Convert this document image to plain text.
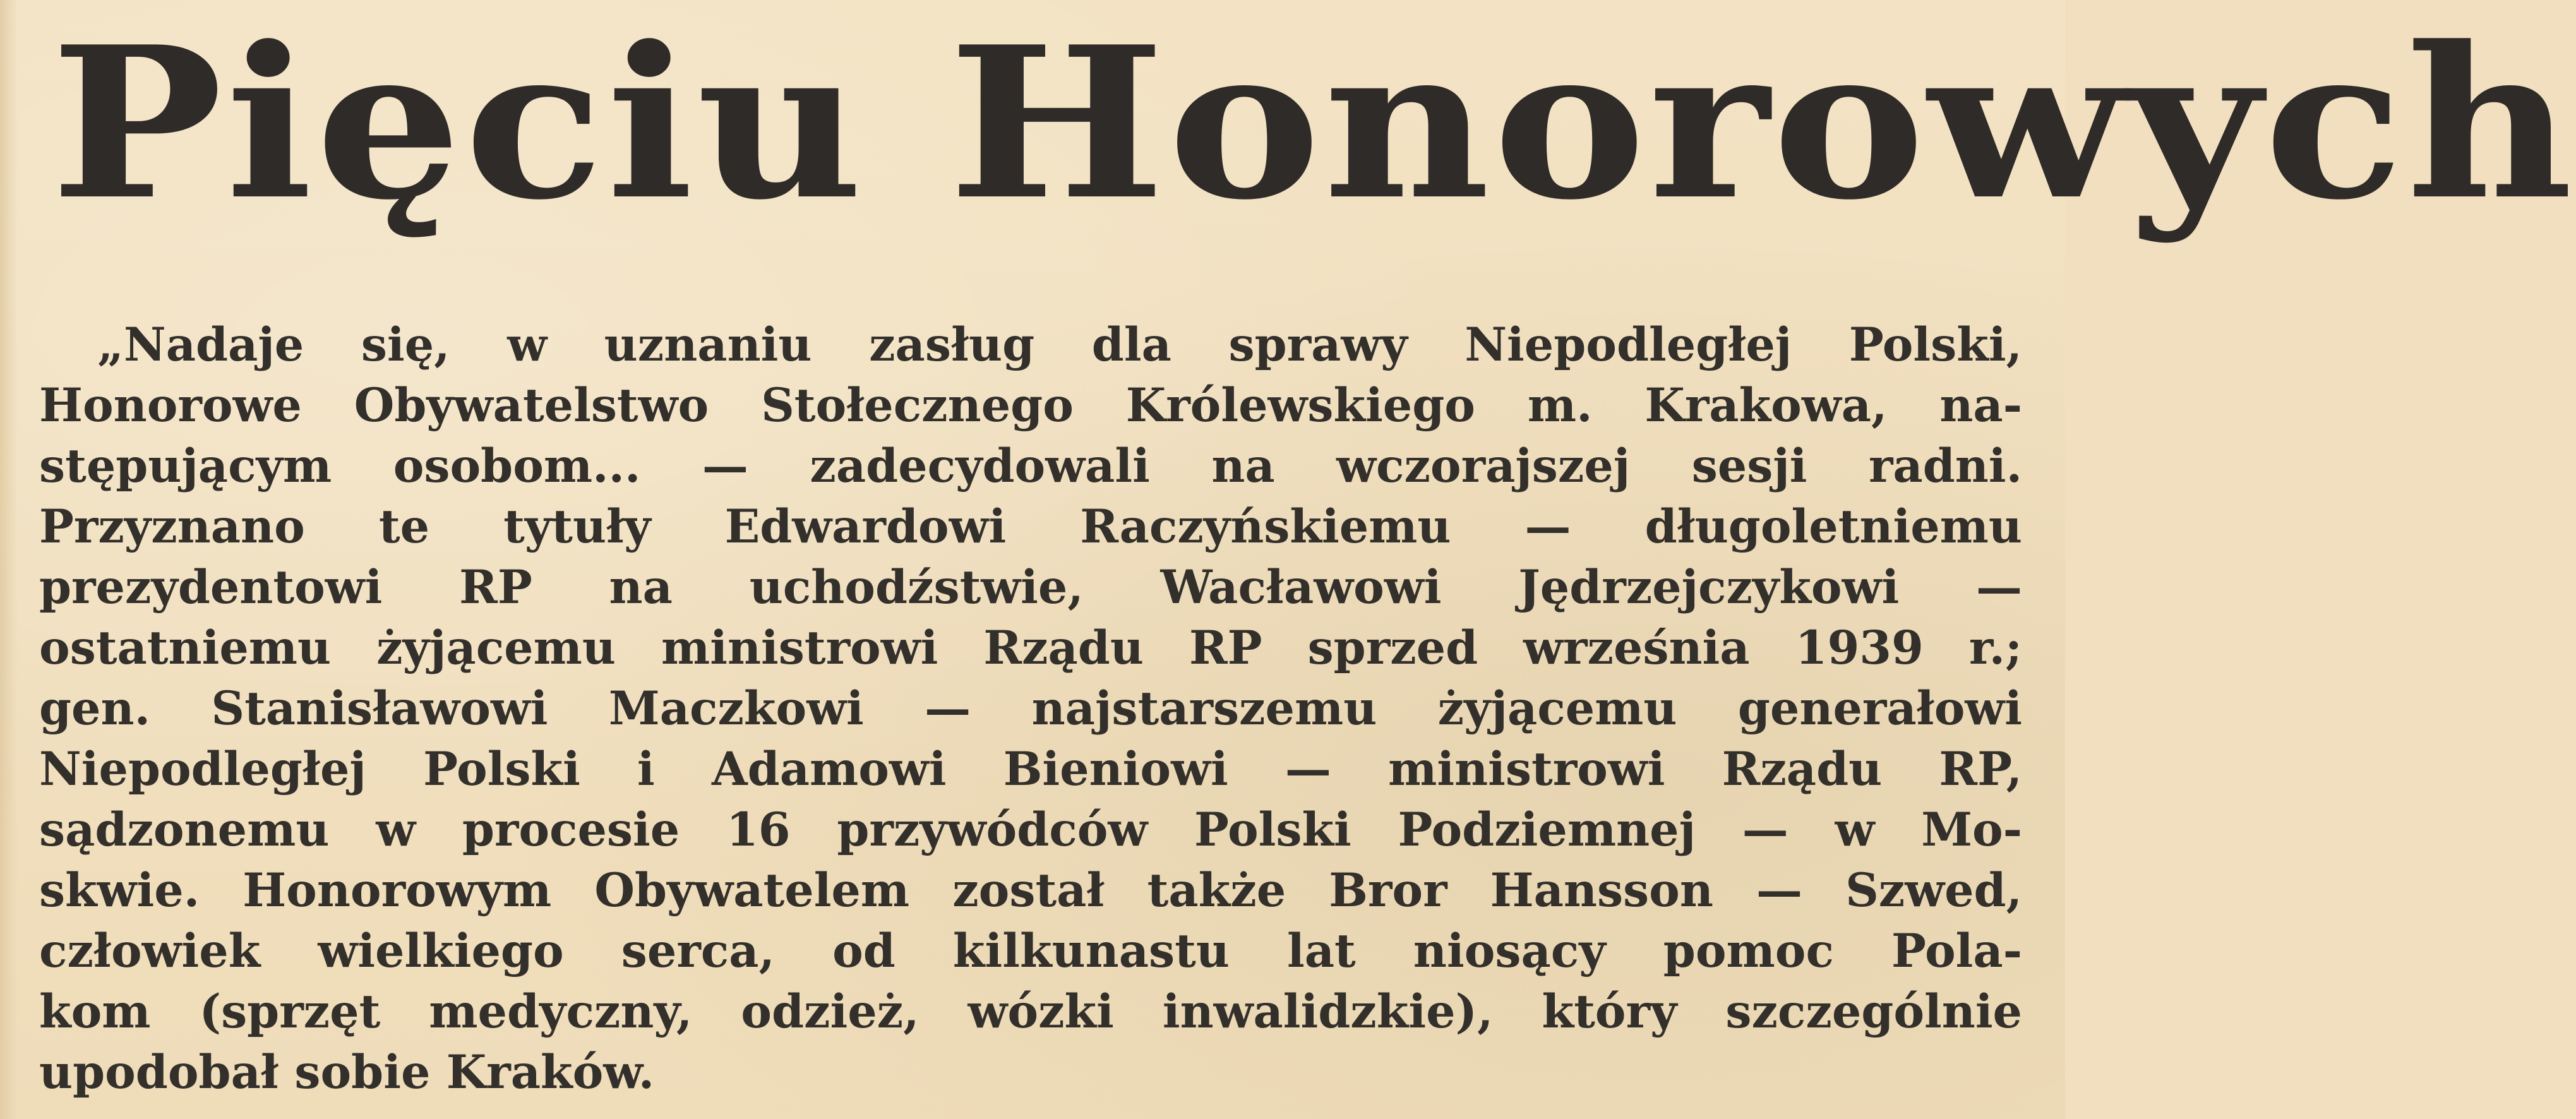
Pięciu Honorowych
„Nadaje się, w uznaniu zasług dla sprawy Niepodległej Polski,
Honorowe Obywatelstwo Stołecznego Królewskiego m. Krakowa, na-
stępującym osobom... — zadecydowali na wczorajszej sesji radni.
Przyznano te tytuły Edwardowi Raczyńskiemu — długoletniemu
prezydentowi RP na uchodźstwie, Wacławowi Jędrzejczykowi —
ostatniemu żyjącemu ministrowi Rządu RP sprzed września 1939 r.;
gen. Stanisławowi Maczkowi — najstarszemu żyjącemu generałowi
Niepodległej Polski i Adamowi Bieniowi — ministrowi Rządu RP,
sądzonemu w procesie 16 przywódców Polski Podziemnej — w Mo-
skwie. Honorowym Obywatelem został także Bror Hansson — Szwed,
człowiek wielkiego serca, od kilkunastu lat niosący pomoc Pola-
kom (sprzęt medyczny, odzież, wózki inwalidzkie), który szczególnie
upodobał sobie Kraków.
